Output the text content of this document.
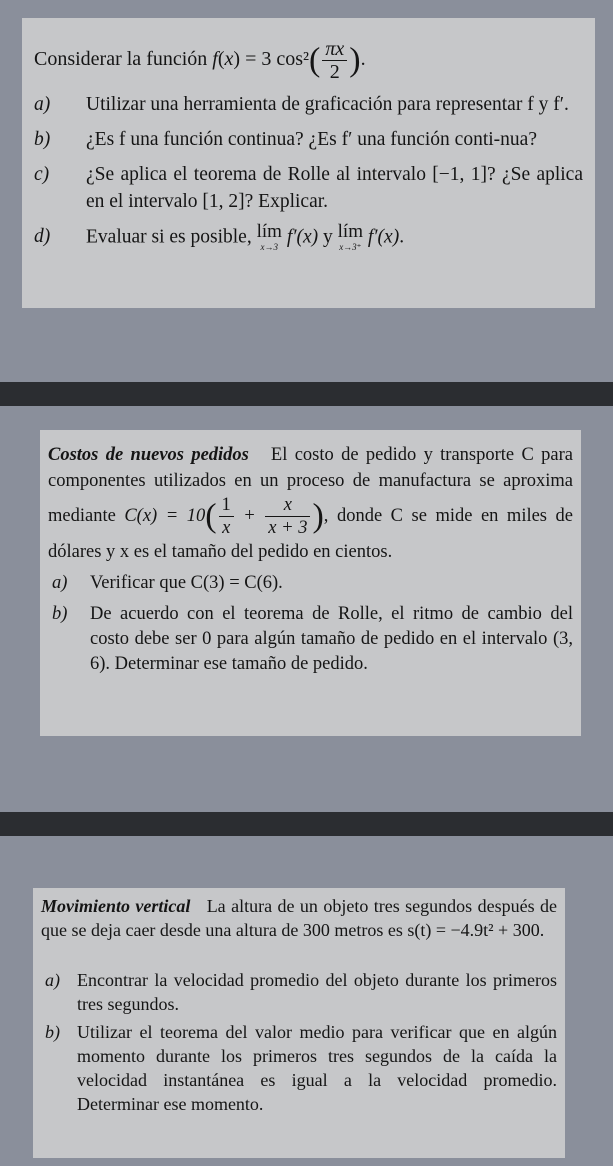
Considerar la función f(x) = 3 $\cos^2( \frac{\pi x}{2}$ ).

a)	Utilizar una herramienta de graficación para representar f y f′.
b)	¿Es f una función continua? ¿Es f′ una función conti-nua?
c)	¿Se aplica el teorema de Rolle al intervalo [−1, 1]? ¿Se aplica en el intervalo [1, 2]? Explicar.
d)	Evaluar si es posible, lím
x→3 f′(x) y lím
x→3⁺ f′(x).

Costos de nuevos pedidos El costo de pedido y transporte C para componentes utilizados en un proceso de manufactura se aproxima mediante $C(x) = 10( \frac{1}{x} + \frac{x}{x + 3}$ ), donde C se mide en miles de dólares y x es el tamaño del pedido en cientos.

a) Verificar que C(3) = C(6).
b) De acuerdo con el teorema de Rolle, el ritmo de cambio del costo debe ser 0 para algún tamaño de pedido en el intervalo (3, 6). Determinar ese tamaño de pedido.

Movimiento vertical La altura de un objeto tres segundos después de que se deja caer desde una altura de 300 metros es s(t) = −4.9t² + 300.

a) Encontrar la velocidad promedio del objeto durante los primeros tres segundos.
b) Utilizar el teorema del valor medio para verificar que en algún momento durante los primeros tres segundos de la caída la velocidad instantánea es igual a la velocidad promedio. Determinar ese momento.
